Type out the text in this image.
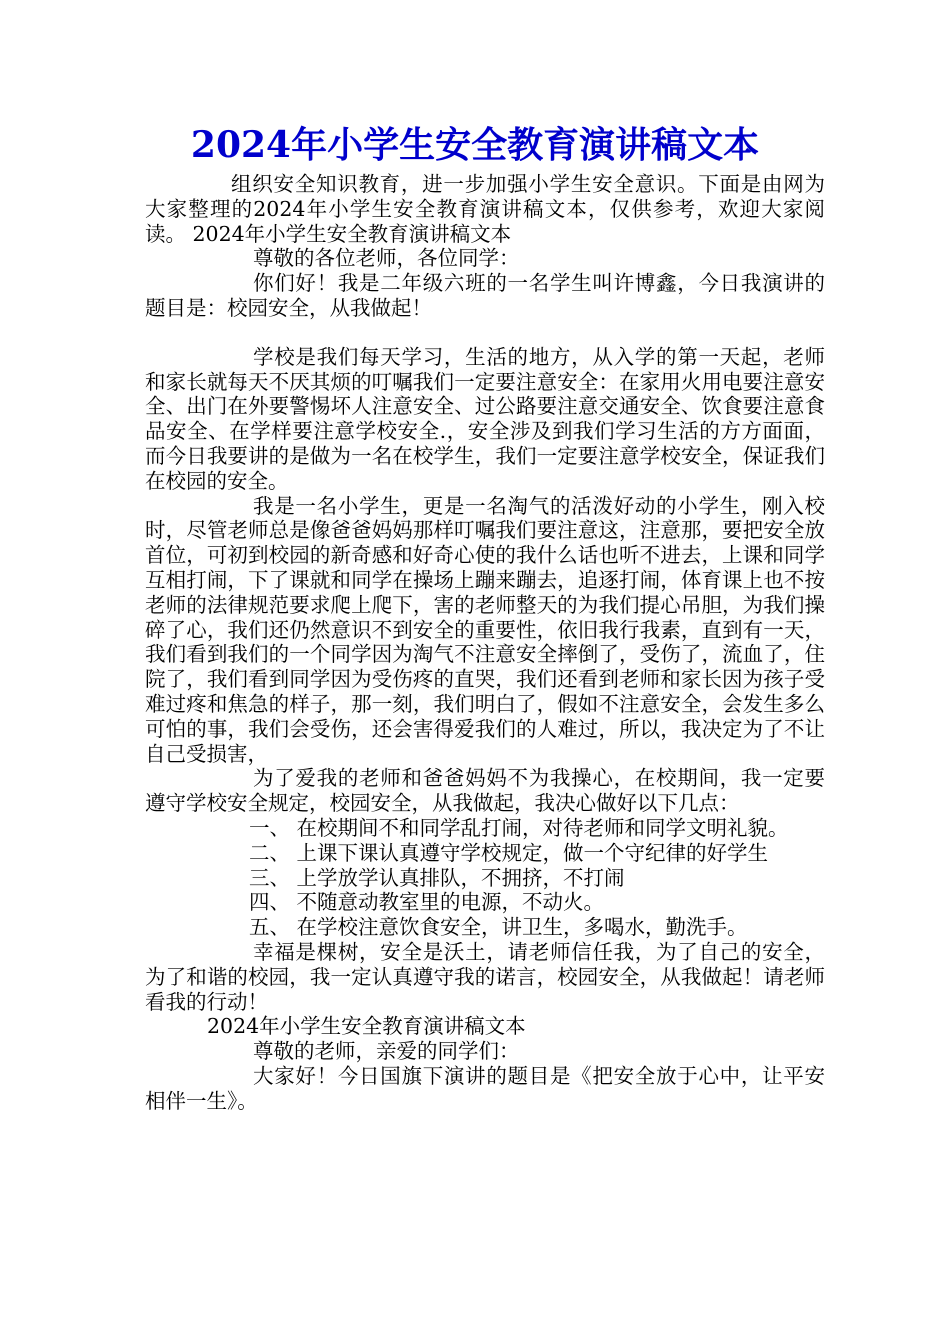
2024年小学生安全教育演讲稿文本

组织安全知识教育，进一步加强小学生安全意识。下面是由网为大家整理的2024年小学生安全教育演讲稿文本，仅供参考，欢迎大家阅读。 2024年小学生安全教育演讲稿文本

尊敬的各位老师，各位同学：

你们好！我是二年级六班的一名学生叫许博鑫，今日我演讲的题目是：校园安全，从我做起！

学校是我们每天学习，生活的地方，从入学的第一天起，老师和家长就每天不厌其烦的叮嘱我们一定要注意安全：在家用火用电要注意安全、出门在外要警惕坏人注意安全、过公路要注意交通安全、饮食要注意食品安全、在学样要注意学校安全.，安全涉及到我们学习生活的方方面面，而今日我要讲的是做为一名在校学生，我们一定要注意学校安全，保证我们在校园的安全。

我是一名小学生，更是一名淘气的活泼好动的小学生，刚入校时，尽管老师总是像爸爸妈妈那样叮嘱我们要注意这，注意那，要把安全放首位，可初到校园的新奇感和好奇心使的我什么话也听不进去，上课和同学互相打闹，下了课就和同学在操场上蹦来蹦去，追逐打闹，体育课上也不按老师的法律规范要求爬上爬下，害的老师整天的为我们提心吊胆，为我们操碎了心，我们还仍然意识不到安全的重要性，依旧我行我素，直到有一天，我们看到我们的一个同学因为淘气不注意安全摔倒了，受伤了，流血了，住院了，我们看到同学因为受伤疼的直哭，我们还看到老师和家长因为孩子受难过疼和焦急的样子，那一刻，我们明白了，假如不注意安全，会发生多么可怕的事，我们会受伤，还会害得爱我们的人难过，所以，我决定为了不让自己受损害，

为了爱我的老师和爸爸妈妈不为我操心，在校期间，我一定要遵守学校安全规定，校园安全，从我做起，我决心做好以下几点：

一、 在校期间不和同学乱打闹，对待老师和同学文明礼貌。

二、 上课下课认真遵守学校规定，做一个守纪律的好学生

三、 上学放学认真排队，不拥挤，不打闹

四、 不随意动教室里的电源，不动火。

五、 在学校注意饮食安全，讲卫生，多喝水，勤洗手。

幸福是棵树，安全是沃土，请老师信任我，为了自己的安全，为了和谐的校园，我一定认真遵守我的诺言，校园安全，从我做起！请老师看我的行动！

2024年小学生安全教育演讲稿文本

尊敬的老师，亲爱的同学们：

大家好！今日国旗下演讲的题目是《把安全放于心中，让平安相伴一生》。
